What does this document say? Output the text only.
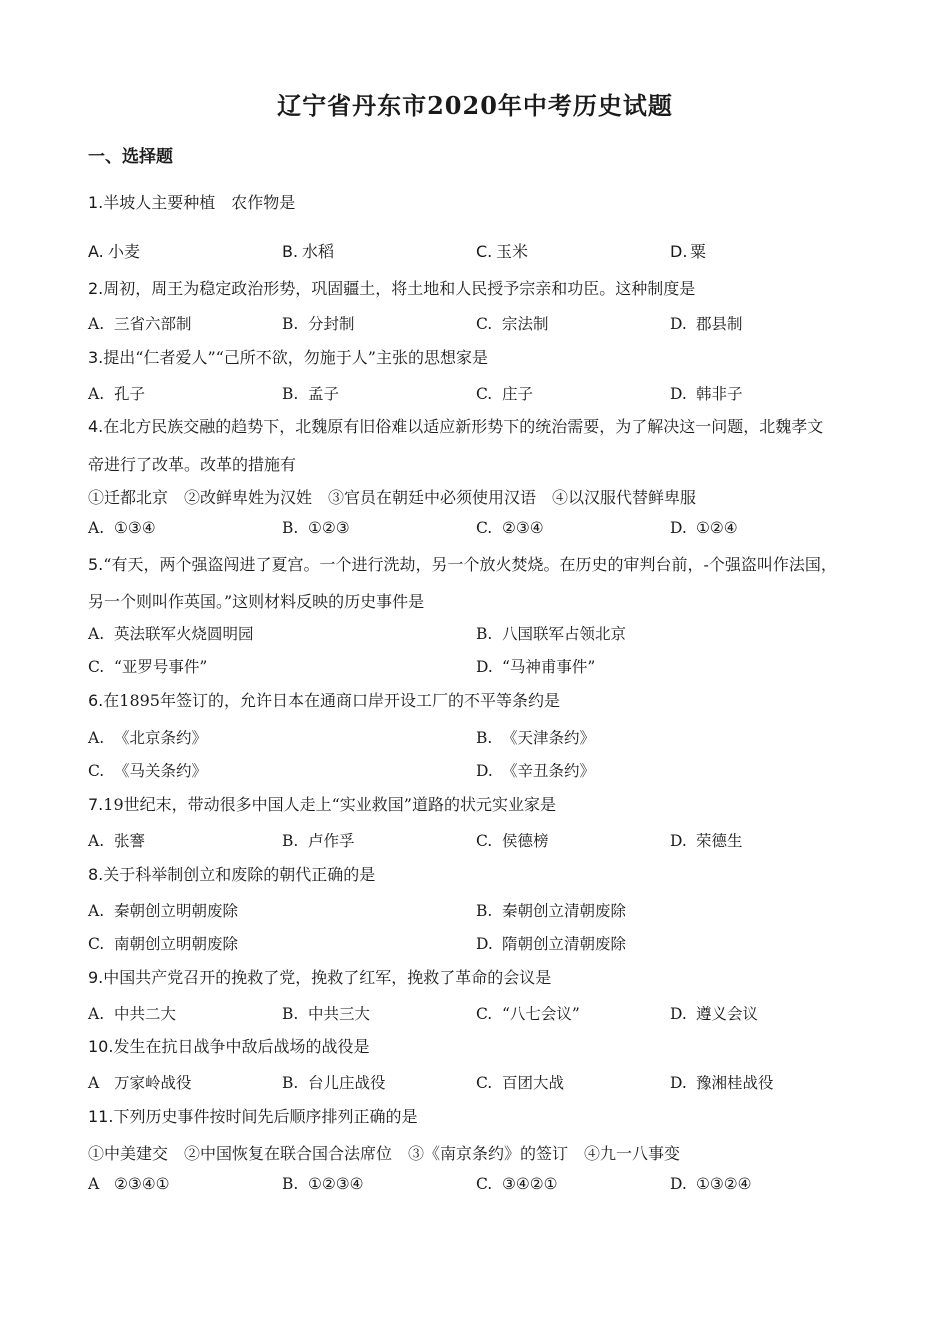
辽宁省丹东市2020年中考历史试题
一、选择题
1.半坡人主要种植　农作物是
A. 小麦	B. 水稻	C. 玉米	D. 粟
2.周初，周王为稳定政治形势，巩固疆土，将土地和人民授予宗亲和功臣。这种制度是
A. 三省六部制	B. 分封制	C. 宗法制	D. 郡县制
3.提出“仁者爱人”“己所不欲，勿施于人”主张的思想家是
A. 孔子	B. 孟子	C. 庄子	D. 韩非子
4.在北方民族交融的趋势下，北魏原有旧俗难以适应新形势下的统治需要，为了解决这一问题，北魏孝文
帝进行了改革。改革的措施有
①迁都北京　②改鲜卑姓为汉姓　③官员在朝廷中必须使用汉语　④以汉服代替鲜卑服
A. ①③④	B. ①②③	C. ②③④	D. ①②④
5.“有天，两个强盗闯进了夏宫。一个进行洗劫，另一个放火焚烧。在历史的审判台前，-个强盗叫作法国，
另一个则叫作英国。”这则材料反映的历史事件是
A. 英法联军火烧圆明园	B. 八国联军占领北京
C. “亚罗号事件”	D. “马神甫事件”
6.在1895年签订的，允许日本在通商口岸开设工厂的不平等条约是
A. 《北京条约》	B. 《天津条约》
C. 《马关条约》	D. 《辛丑条约》
7.19世纪末，带动很多中国人走上“实业救国”道路的状元实业家是
A. 张謇	B. 卢作孚	C. 侯德榜	D. 荣德生
8.关于科举制创立和废除的朝代正确的是
A. 秦朝创立明朝废除	B. 秦朝创立清朝废除
C. 南朝创立明朝废除	D. 隋朝创立清朝废除
9.中国共产党召开的挽救了党，挽救了红军，挽救了革命的会议是
A. 中共二大	B. 中共三大	C. “八七会议”	D. 遵义会议
10.发生在抗日战争中敌后战场的战役是
A 万家岭战役	B. 台儿庄战役	C. 百团大战	D. 豫湘桂战役
11.下列历史事件按时间先后顺序排列正确的是
①中美建交　②中国恢复在联合国合法席位　③《南京条约》的签订　④九一八事变
A ②③④①	B. ①②③④	C. ③④②①	D. ①③②④
